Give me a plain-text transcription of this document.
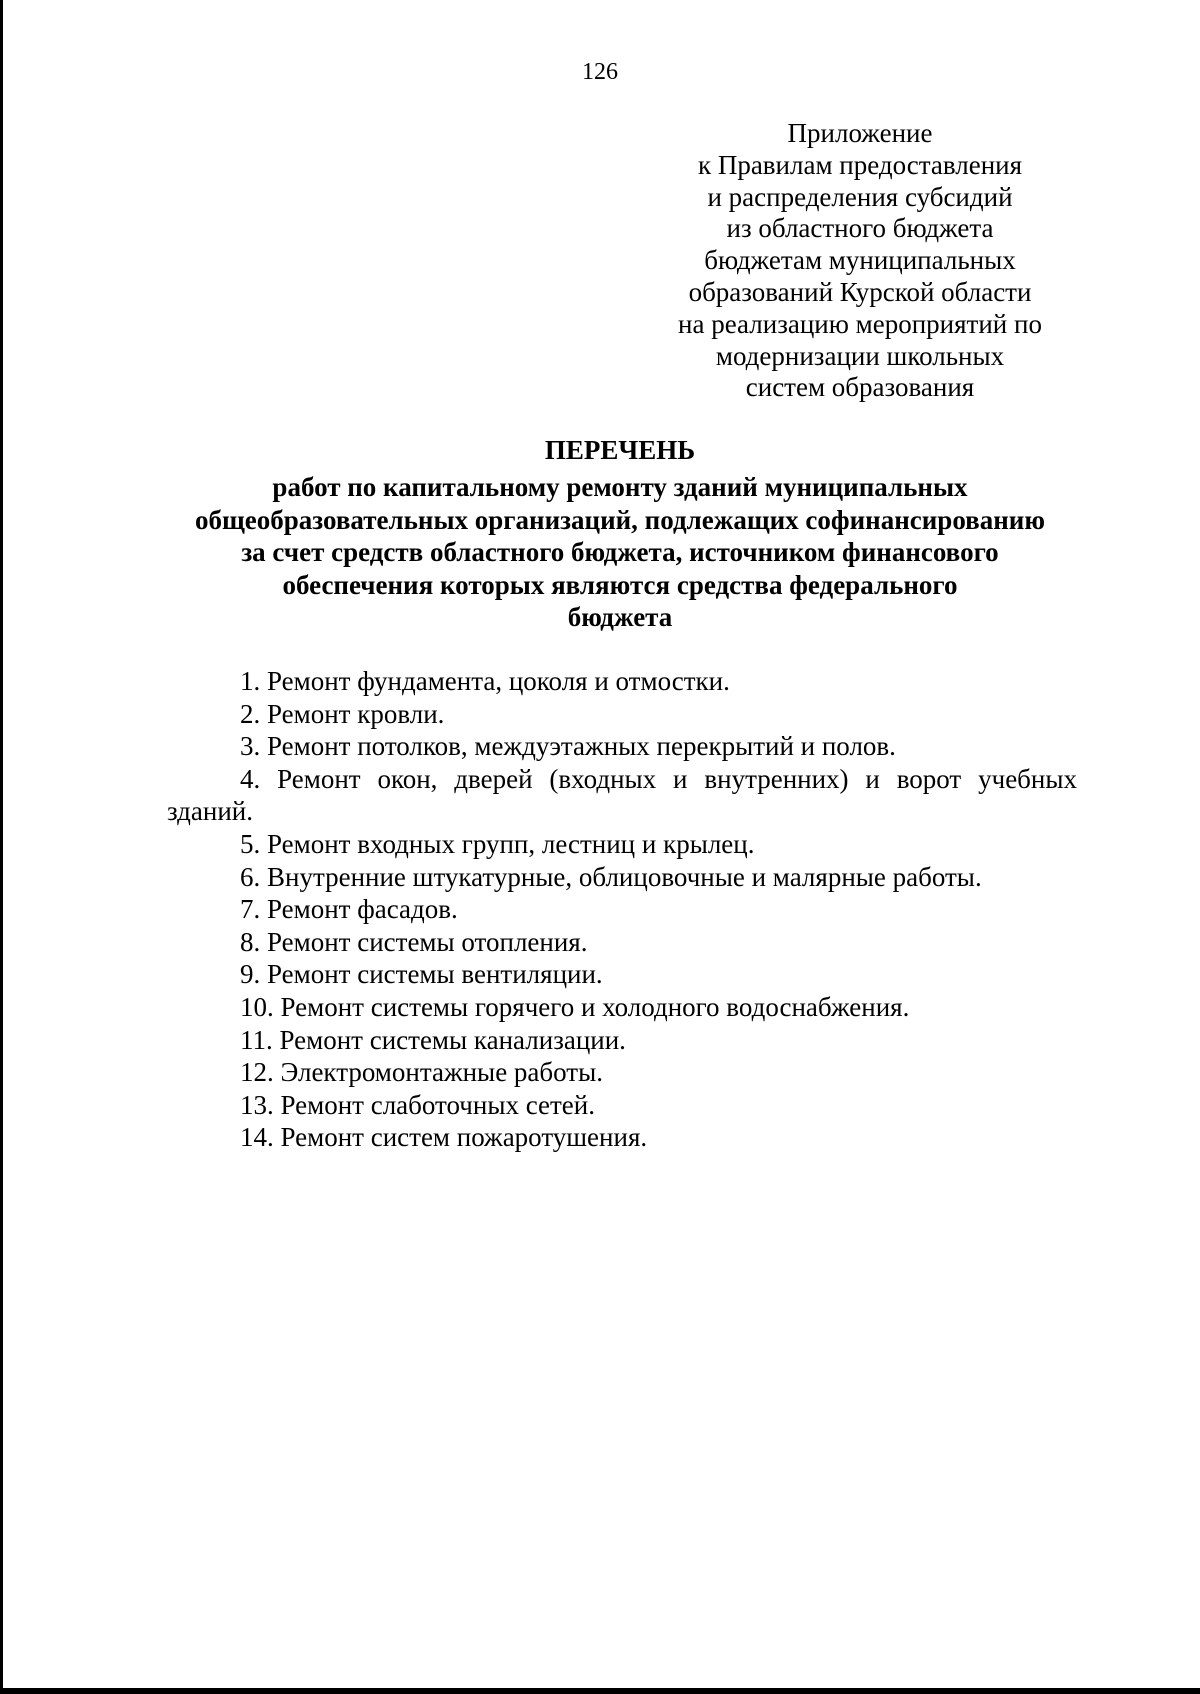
126
Приложение
к Правилам предоставления
и распределения субсидий
из областного бюджета
бюджетам муниципальных
образований Курской области
на реализацию мероприятий по
модернизации школьных
систем образования
ПЕРЕЧЕНЬ
работ по капитальному ремонту зданий муниципальных
общеобразовательных организаций, подлежащих софинансированию
за счет средств областного бюджета, источником финансового
обеспечения которых являются средства федерального
бюджета
1. Ремонт фундамента, цоколя и отмостки.
2. Ремонт кровли.
3. Ремонт потолков, междуэтажных перекрытий и полов.
4. Ремонт окон, дверей (входных и внутренних) и ворот учебных зданий.
5. Ремонт входных групп, лестниц и крылец.
6. Внутренние штукатурные, облицовочные и малярные работы.
7. Ремонт фасадов.
8. Ремонт системы отопления.
9. Ремонт системы вентиляции.
10. Ремонт системы горячего и холодного водоснабжения.
11. Ремонт системы канализации.
12. Электромонтажные работы.
13. Ремонт слаботочных сетей.
14. Ремонт систем пожаротушения.
